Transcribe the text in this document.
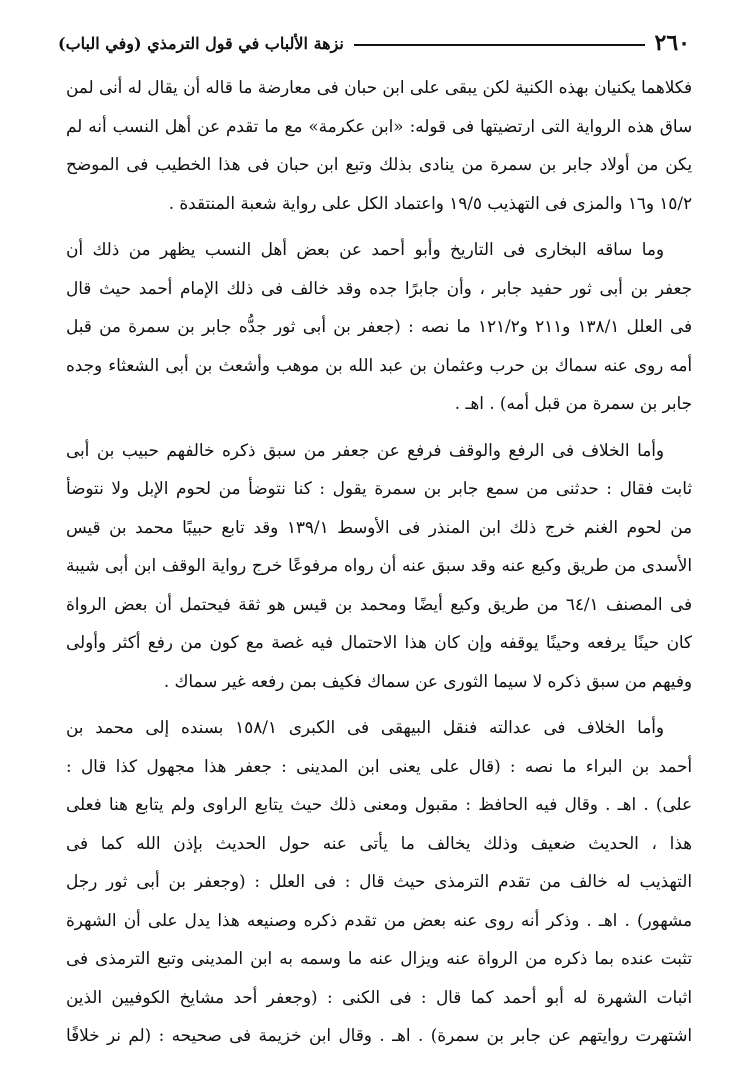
٢٦٠
نزهة الألباب في قول الترمذي (وفي الباب)
فكلاهما يكنيان بهذه الكنية لكن يبقى على ابن حبان فى معارضة ما قاله أن يقال له أنى لمن
ساق هذه الرواية التى ارتضيتها فى قوله: «ابن عكرمة» مع ما تقدم عن أهل النسب أنه لم
يكن من أولاد جابر بن سمرة من ينادى بذلك وتبع ابن حبان فى هذا الخطيب فى الموضح
١٥/٢ و١٦ والمزى فى التهذيب ١٩/٥ واعتماد الكل على رواية شعبة المنتقدة .
وما ساقه البخارى فى التاريخ وأبو أحمد عن بعض أهل النسب يظهر من ذلك أن
جعفر بن أبى ثور حفيد جابر ، وأن جابرًا جده وقد خالف فى ذلك الإمام أحمد حيث قال
فى العلل ١٣٨/١ و٢١١ و١٢١/٢ ما نصه : (جعفر بن أبى ثور جدُّه جابر بن سمرة من قبل
أمه روى عنه سماك بن حرب وعثمان بن عبد الله بن موهب وأشعث بن أبى الشعثاء وجده
جابر بن سمرة من قبل أمه) . اهـ .
وأما الخلاف فى الرفع والوقف فرفع عن جعفر من سبق ذكره خالفهم حبيب بن أبى
ثابت فقال : حدثنى من سمع جابر بن سمرة يقول : كنا نتوضأ من لحوم الإبل ولا نتوضأ
من لحوم الغنم خرج ذلك ابن المنذر فى الأوسط ١٣٩/١ وقد تابع حبيبًا محمد بن قيس
الأسدى من طريق وكيع عنه وقد سبق عنه أن رواه مرفوعًا خرج رواية الوقف ابن أبى شيبة
فى المصنف ٦٤/١ من طريق وكيع أيضًا ومحمد بن قيس هو ثقة فيحتمل أن بعض الرواة
كان حينًا يرفعه وحينًا يوقفه وإن كان هذا الاحتمال فيه غصة مع كون من رفع أكثر وأولى
وفيهم من سبق ذكره لا سيما الثورى عن سماك فكيف بمن رفعه غير سماك .
وأما الخلاف فى عدالته فنقل البيهقى فى الكبرى ١٥٨/١ بسنده إلى محمد بن
أحمد بن البراء ما نصه : (قال على يعنى ابن المدينى : جعفر هذا مجهول كذا قال :
على) . اهـ . وقال فيه الحافظ : مقبول ومعنى ذلك حيث يتابع الراوى ولم يتابع هنا فعلى
هذا ، الحديث ضعيف وذلك يخالف ما يأتى عنه حول الحديث بإذن الله كما فى
التهذيب له خالف من تقدم الترمذى حيث قال : فى العلل : (وجعفر بن أبى ثور رجل
مشهور) . اهـ . وذكر أنه روى عنه بعض من تقدم ذكره وصنيعه هذا يدل على أن الشهرة
تثبت عنده بما ذكره من الرواة عنه ويزال عنه ما وسمه به ابن المدينى وتبع الترمذى فى
اثبات الشهرة له أبو أحمد كما قال : فى الكنى : (وجعفر أحد مشايخ الكوفيين الذين
اشتهرت روايتهم عن جابر بن سمرة) . اهـ . وقال ابن خزيمة فى صحيحه : (لم نر خلافًا
